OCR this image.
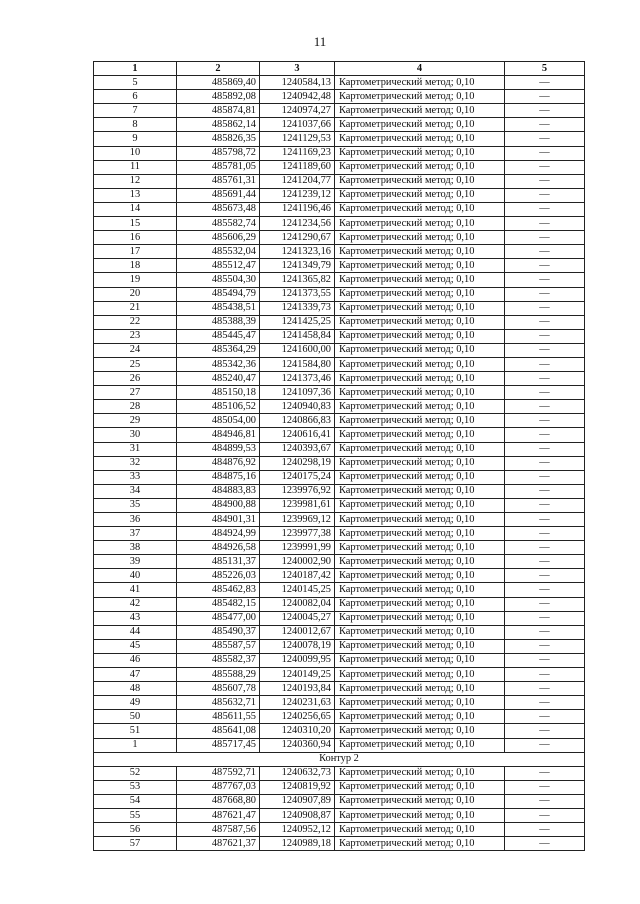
11
1	2	3	4	5
5	485869,40	1240584,13	Картометрический метод; 0,10	—
6	485892,08	1240942,48	Картометрический метод; 0,10	—
7	485874,81	1240974,27	Картометрический метод; 0,10	—
8	485862,14	1241037,66	Картометрический метод; 0,10	—
9	485826,35	1241129,53	Картометрический метод; 0,10	—
10	485798,72	1241169,23	Картометрический метод; 0,10	—
11	485781,05	1241189,60	Картометрический метод; 0,10	—
12	485761,31	1241204,77	Картометрический метод; 0,10	—
13	485691,44	1241239,12	Картометрический метод; 0,10	—
14	485673,48	1241196,46	Картометрический метод; 0,10	—
15	485582,74	1241234,56	Картометрический метод; 0,10	—
16	485606,29	1241290,67	Картометрический метод; 0,10	—
17	485532,04	1241323,16	Картометрический метод; 0,10	—
18	485512,47	1241349,79	Картометрический метод; 0,10	—
19	485504,30	1241365,82	Картометрический метод; 0,10	—
20	485494,79	1241373,55	Картометрический метод; 0,10	—
21	485438,51	1241339,73	Картометрический метод; 0,10	—
22	485388,39	1241425,25	Картометрический метод; 0,10	—
23	485445,47	1241458,84	Картометрический метод; 0,10	—
24	485364,29	1241600,00	Картометрический метод; 0,10	—
25	485342,36	1241584,80	Картометрический метод; 0,10	—
26	485240,47	1241373,46	Картометрический метод; 0,10	—
27	485150,18	1241097,36	Картометрический метод; 0,10	—
28	485106,52	1240940,83	Картометрический метод; 0,10	—
29	485054,00	1240866,83	Картометрический метод; 0,10	—
30	484946,81	1240616,41	Картометрический метод; 0,10	—
31	484899,53	1240393,67	Картометрический метод; 0,10	—
32	484876,92	1240298,19	Картометрический метод; 0,10	—
33	484875,16	1240175,24	Картометрический метод; 0,10	—
34	484883,83	1239976,92	Картометрический метод; 0,10	—
35	484900,88	1239981,61	Картометрический метод; 0,10	—
36	484901,31	1239969,12	Картометрический метод; 0,10	—
37	484924,99	1239977,38	Картометрический метод; 0,10	—
38	484926,58	1239991,99	Картометрический метод; 0,10	—
39	485131,37	1240002,90	Картометрический метод; 0,10	—
40	485226,03	1240187,42	Картометрический метод; 0,10	—
41	485462,83	1240145,25	Картометрический метод; 0,10	—
42	485482,15	1240082,04	Картометрический метод; 0,10	—
43	485477,00	1240045,27	Картометрический метод; 0,10	—
44	485490,37	1240012,67	Картометрический метод; 0,10	—
45	485587,57	1240078,19	Картометрический метод; 0,10	—
46	485582,37	1240099,95	Картометрический метод; 0,10	—
47	485588,29	1240149,25	Картометрический метод; 0,10	—
48	485607,78	1240193,84	Картометрический метод; 0,10	—
49	485632,71	1240231,63	Картометрический метод; 0,10	—
50	485611,55	1240256,65	Картометрический метод; 0,10	—
51	485641,08	1240310,20	Картометрический метод; 0,10	—
1	485717,45	1240360,94	Картометрический метод; 0,10	—
Контур 2				
52	487592,71	1240632,73	Картометрический метод; 0,10	—
53	487767,03	1240819,92	Картометрический метод; 0,10	—
54	487668,80	1240907,89	Картометрический метод; 0,10	—
55	487621,47	1240908,87	Картометрический метод; 0,10	—
56	487587,56	1240952,12	Картометрический метод; 0,10	—
57	487621,37	1240989,18	Картометрический метод; 0,10	—
